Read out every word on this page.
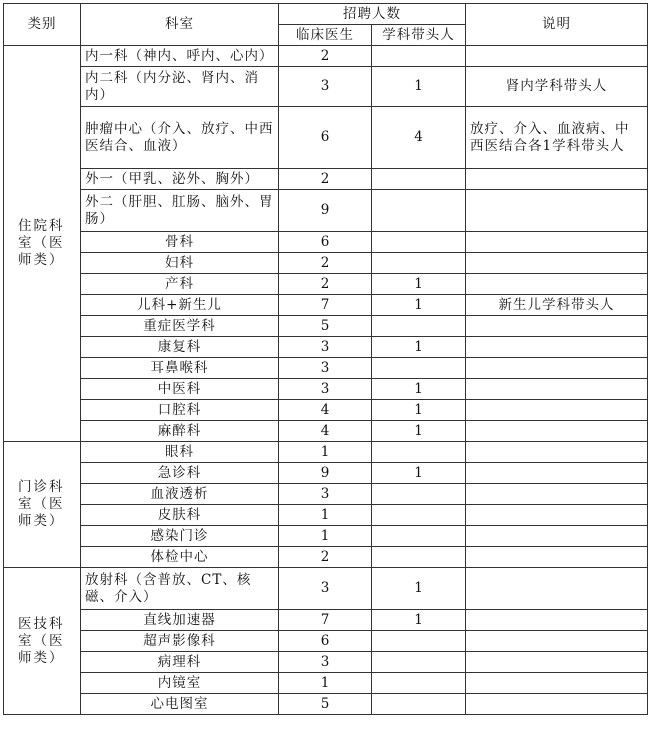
类别	科室	招聘人数		说明
		临床医生	学科带头人	
住院科室（医师类）	内一科（神内、呼内、心内）	2		
	内二科（内分泌、肾内、消内）	3	1	肾内学科带头人
	肿瘤中心（介入、放疗、中西医结合、血液）	6	4	放疗、介入、血液病、中西医结合各1学科带头人
	外一（甲乳、泌外、胸外）	2		
	外二（肝胆、肛肠、脑外、胃肠）	9		
	骨科	6		
	妇科	2		
	产科	2	1	
	儿科+新生儿	7	1	新生儿学科带头人
	重症医学科	5		
	康复科	3	1	
	耳鼻喉科	3		
	中医科	3	1	
	口腔科	4	1	
	麻醉科	4	1	
门诊科室（医师类）	眼科	1		
	急诊科	9	1	
	血液透析	3		
	皮肤科	1		
	感染门诊	1		
	体检中心	2		
医技科室（医师类）	放射科（含普放、CT、核磁、介入）	3	1	
	直线加速器	7	1	
	超声影像科	6		
	病理科	3		
	内镜室	1		
	心电图室	5		
